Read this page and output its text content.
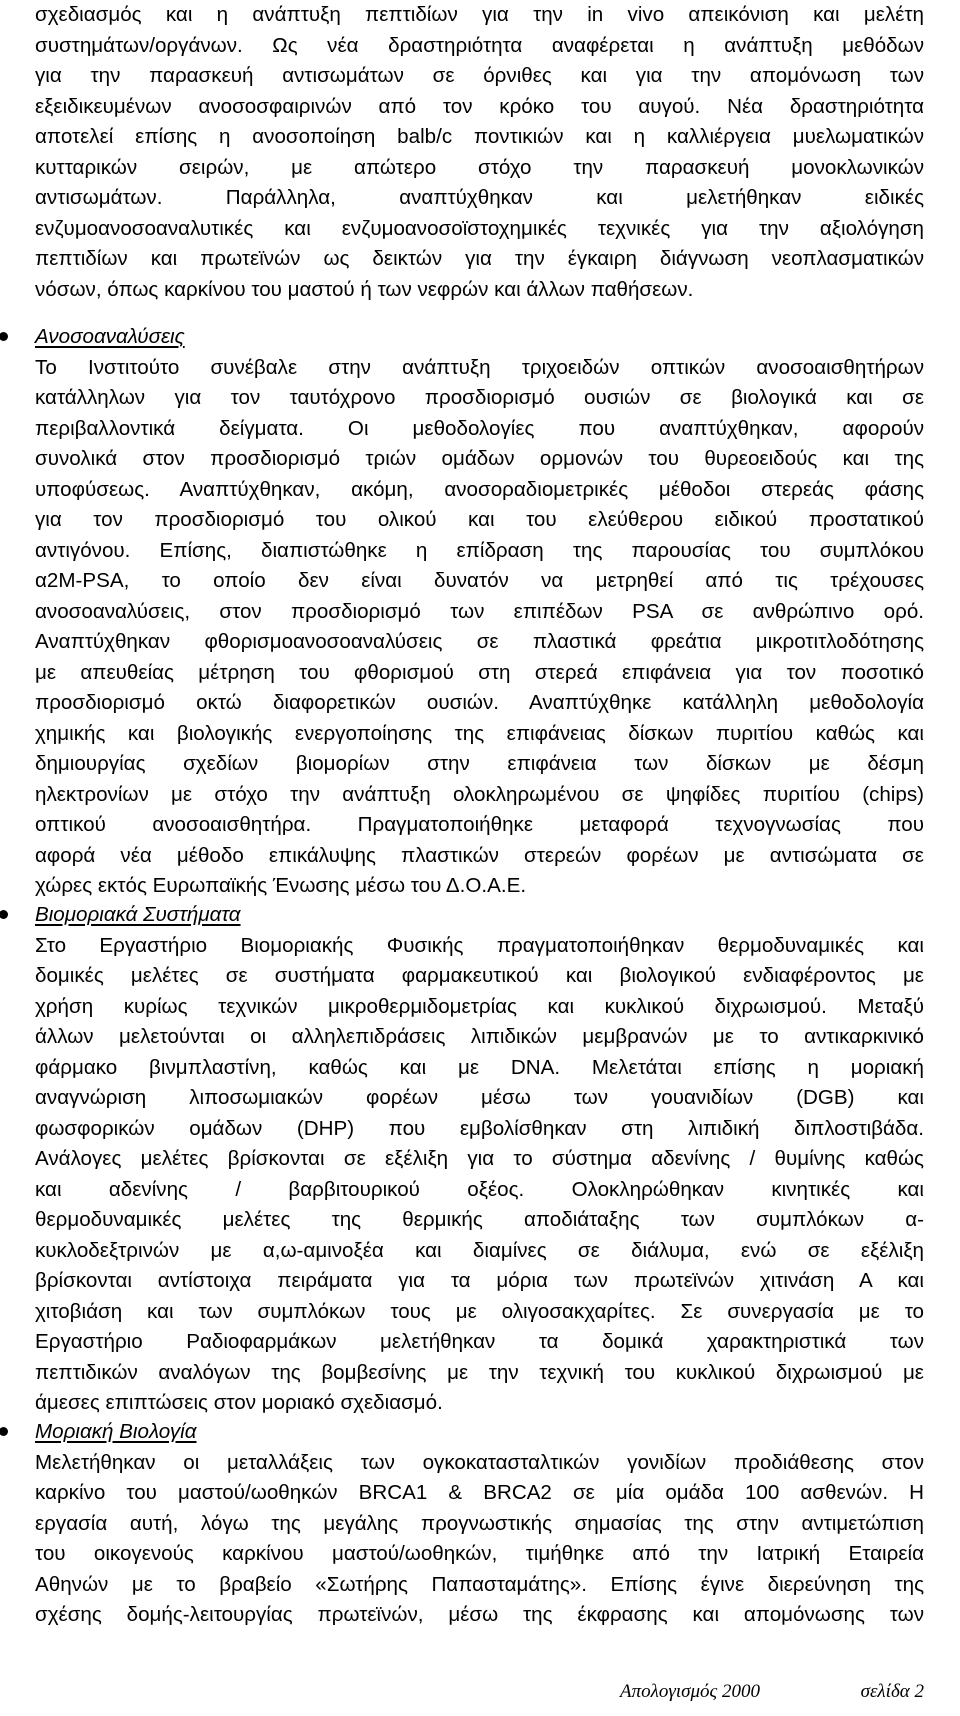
σχεδιασμός και η ανάπτυξη πεπτιδίων για την in vivo απεικόνιση και μελέτη
συστημάτων/οργάνων. Ως νέα δραστηριότητα αναφέρεται η ανάπτυξη μεθόδων
για την παρασκευή αντισωμάτων σε όρνιθες και για την απομόνωση των
εξειδικευμένων ανοσοσφαιρινών από τον κρόκο του αυγού. Νέα δραστηριότητα
αποτελεί επίσης η ανοσοποίηση balb/c ποντικιών και η καλλιέργεια μυελωματικών
κυτταρικών σειρών, με απώτερο στόχο την παρασκευή μονοκλωνικών
αντισωμάτων. Παράλληλα, αναπτύχθηκαν και μελετήθηκαν ειδικές
ενζυμοανοσοαναλυτικές και ενζυμοανοσοϊστοχημικές τεχνικές για την αξιολόγηση
πεπτιδίων και πρωτεϊνών ως δεικτών για την έγκαιρη διάγνωση νεοπλασματικών
νόσων, όπως καρκίνου του μαστού ή των νεφρών και άλλων παθήσεων.
Ανοσοαναλύσεις
Το Ινστιτούτο συνέβαλε στην ανάπτυξη τριχοειδών οπτικών ανοσοαισθητήρων
κατάλληλων για τον ταυτόχρονο προσδιορισμό ουσιών σε βιολογικά και σε
περιβαλλοντικά δείγματα. Οι μεθοδολογίες που αναπτύχθηκαν, αφορούν
συνολικά στον προσδιορισμό τριών ομάδων ορμονών του θυρεοειδούς και της
υποφύσεως. Αναπτύχθηκαν, ακόμη, ανοσοραδιομετρικές μέθοδοι στερεάς φάσης
για τον προσδιορισμό του ολικού και του ελεύθερου ειδικού προστατικού
αντιγόνου. Επίσης, διαπιστώθηκε η επίδραση της παρουσίας του συμπλόκου
α2M-PSA, το οποίο δεν είναι δυνατόν να μετρηθεί από τις τρέχουσες
ανοσοαναλύσεις, στον προσδιορισμό των επιπέδων PSA σε ανθρώπινο ορό.
Αναπτύχθηκαν φθορισμοανοσοαναλύσεις σε πλαστικά φρεάτια μικροτιτλοδότησης
με απευθείας μέτρηση του φθορισμού στη στερεά επιφάνεια για τον ποσοτικό
προσδιορισμό οκτώ διαφορετικών ουσιών. Αναπτύχθηκε κατάλληλη μεθοδολογία
χημικής και βιολογικής ενεργοποίησης της επιφάνειας δίσκων πυριτίου καθώς και
δημιουργίας σχεδίων βιομορίων στην επιφάνεια των δίσκων με δέσμη
ηλεκτρονίων με στόχο την ανάπτυξη ολοκληρωμένου σε ψηφίδες πυριτίου (chips)
οπτικού ανοσοαισθητήρα. Πραγματοποιήθηκε μεταφορά τεχνογνωσίας που
αφορά νέα μέθοδο επικάλυψης πλαστικών στερεών φορέων με αντισώματα σε
χώρες εκτός Ευρωπαϊκής Ένωσης μέσω του Δ.Ο.Α.Ε.
Βιομοριακά Συστήματα
Στο Εργαστήριο Βιομοριακής Φυσικής πραγματοποιήθηκαν θερμοδυναμικές και
δομικές μελέτες σε συστήματα φαρμακευτικού και βιολογικού ενδιαφέροντος με
χρήση κυρίως τεχνικών μικροθερμιδομετρίας και κυκλικού διχρωισμού. Μεταξύ
άλλων μελετούνται οι αλληλεπιδράσεις λιπιδικών μεμβρανών με το αντικαρκινικό
φάρμακο βινμπλαστίνη, καθώς και με DNA. Μελετάται επίσης η μοριακή
αναγνώριση λιποσωμιακών φορέων μέσω των γουανιδίων (DGB) και
φωσφορικών ομάδων (DHP) που εμβολίσθηκαν στη λιπιδική διπλοστιβάδα.
Ανάλογες μελέτες βρίσκονται σε εξέλιξη για το σύστημα αδενίνης / θυμίνης καθώς
και αδενίνης / βαρβιτουρικού οξέος. Ολοκληρώθηκαν κινητικές και
θερμοδυναμικές μελέτες της θερμικής αποδιάταξης των συμπλόκων α-
κυκλοδεξτρινών με α,ω-αμινοξέα και διαμίνες σε διάλυμα, ενώ σε εξέλιξη
βρίσκονται αντίστοιχα πειράματα για τα μόρια των πρωτεϊνών χιτινάση Α και
χιτοβιάση και των συμπλόκων τους με ολιγοσακχαρίτες. Σε συνεργασία με το
Εργαστήριο Ραδιοφαρμάκων μελετήθηκαν τα δομικά χαρακτηριστικά των
πεπτιδικών αναλόγων της βομβεσίνης με την τεχνική του κυκλικού διχρωισμού με
άμεσες επιπτώσεις στον μοριακό σχεδιασμό.
Μοριακή Βιολογία
Μελετήθηκαν οι μεταλλάξεις των ογκοκατασταλτικών γονιδίων προδιάθεσης στον
καρκίνο του μαστού/ωοθηκών BRCA1 & BRCA2 σε μία ομάδα 100 ασθενών. Η
εργασία αυτή, λόγω της μεγάλης προγνωστικής σημασίας της στην αντιμετώπιση
του οικογενούς καρκίνου μαστού/ωοθηκών, τιμήθηκε από την Ιατρική Εταιρεία
Αθηνών με το βραβείο «Σωτήρης Παπασταμάτης». Επίσης έγινε διερεύνηση της
σχέσης δομής-λειτουργίας πρωτεϊνών, μέσω της έκφρασης και απομόνωσης των
Απολογισμός 2000	σελίδα 2
